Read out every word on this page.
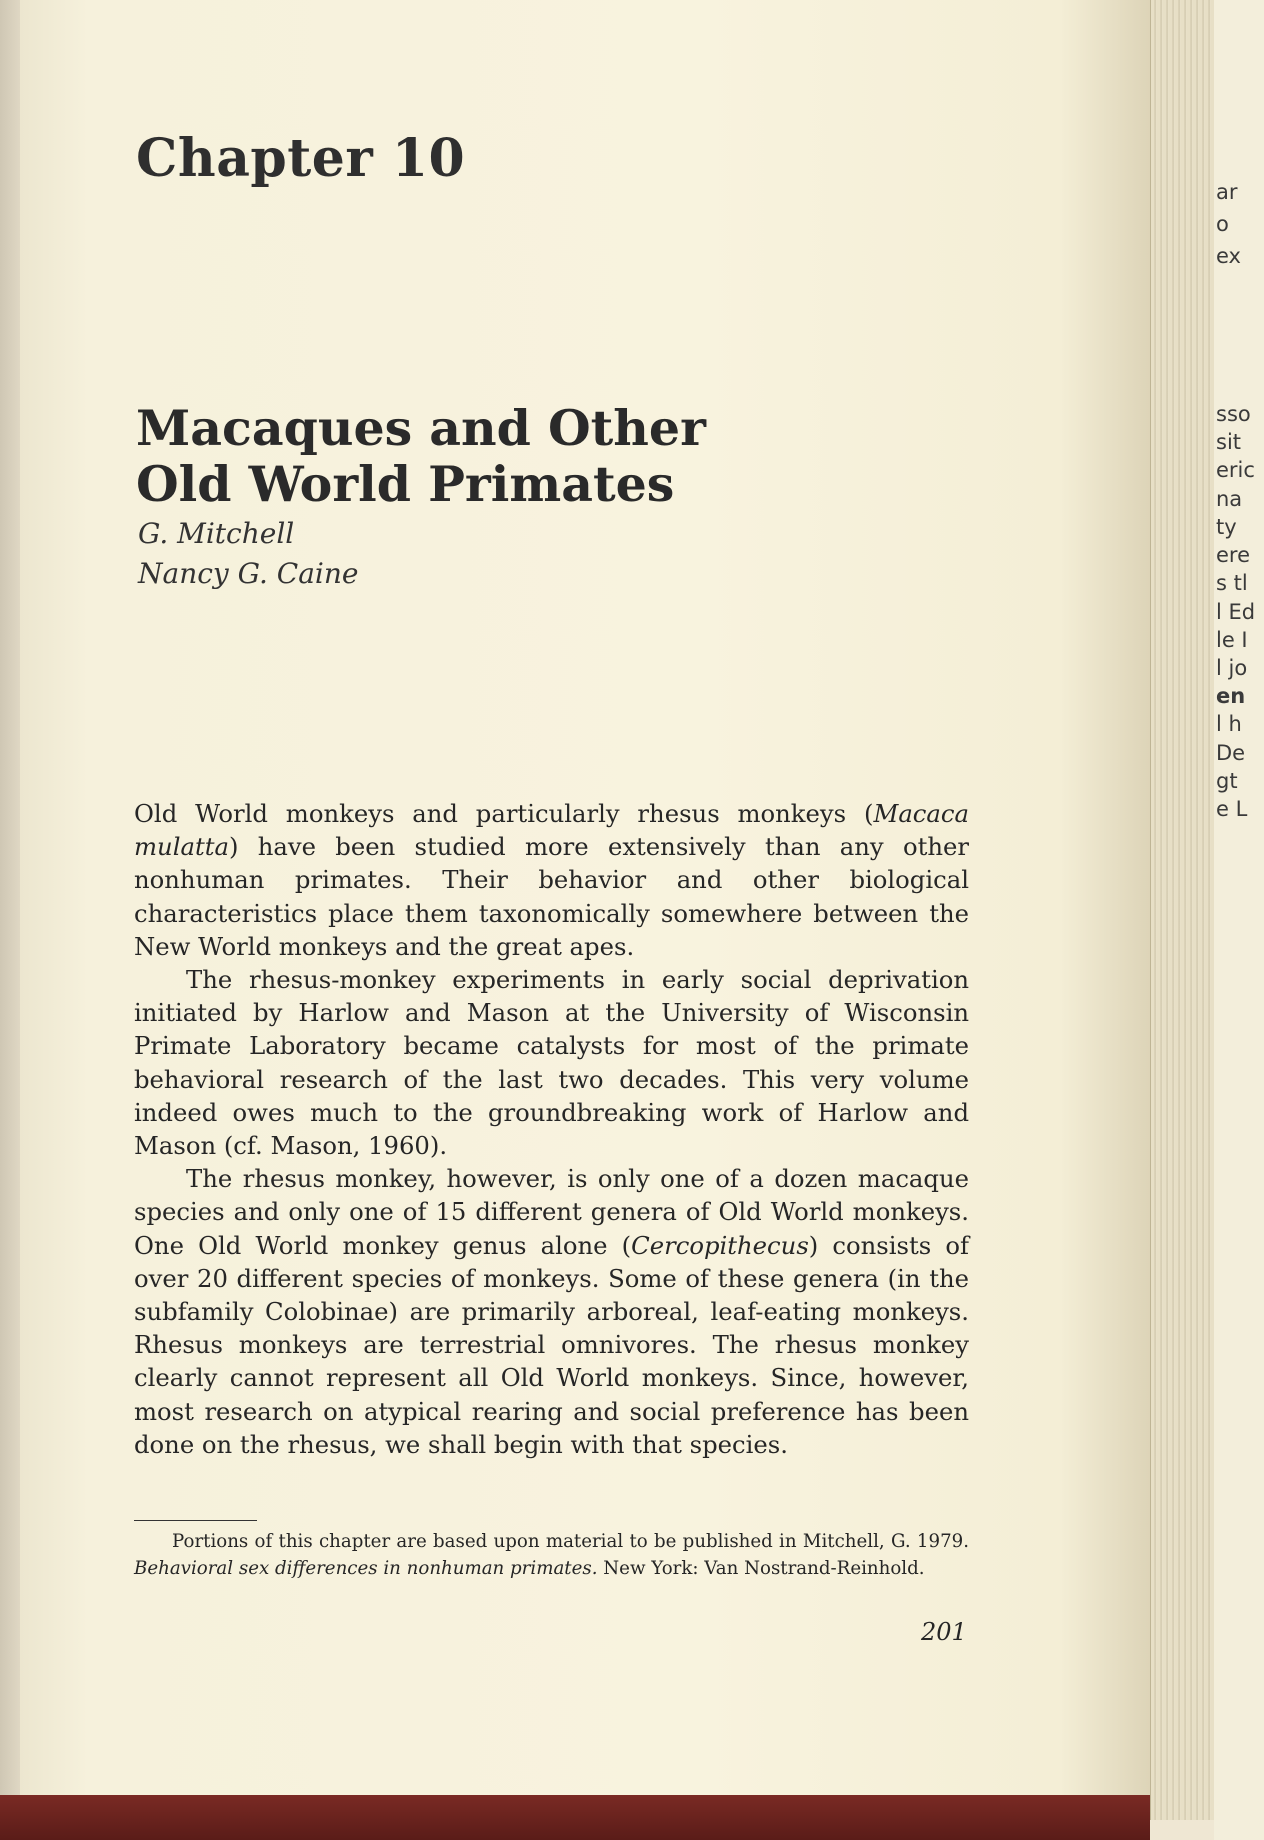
Chapter 10
Macaques and Other
Old World Primates
G. Mitchell
Nancy G. Caine

Old World monkeys and particularly rhesus monkeys (Macaca mulatta) have been studied more extensively than any other nonhuman primates. Their behavior and other biological characteristics place them taxonomically somewhere between the New World monkeys and the great apes.

The rhesus-monkey experiments in early social deprivation initiated by Harlow and Mason at the University of Wisconsin Primate Laboratory became catalysts for most of the primate behavioral research of the last two decades. This very volume indeed owes much to the groundbreaking work of Harlow and Mason (cf. Mason, 1960).

The rhesus monkey, however, is only one of a dozen macaque species and only one of 15 different genera of Old World monkeys. One Old World monkey genus alone (Cercopithecus) consists of over 20 different species of monkeys. Some of these genera (in the subfamily Colobinae) are primarily arboreal, leaf-eating monkeys. Rhesus monkeys are terrestrial omnivores. The rhesus monkey clearly cannot represent all Old World monkeys. Since, however, most research on atypical rearing and social preference has been done on the rhesus, we shall begin with that species.

Portions of this chapter are based upon material to be published in Mitchell, G. 1979. Behavioral sex differences in nonhuman primates. New York: Van Nostrand-Reinhold.
201
ar
o
ex
sso
sit
eric
na
ty
ere
s tl
l Ed
le I
l jo
en
l h
De
gt
e L
